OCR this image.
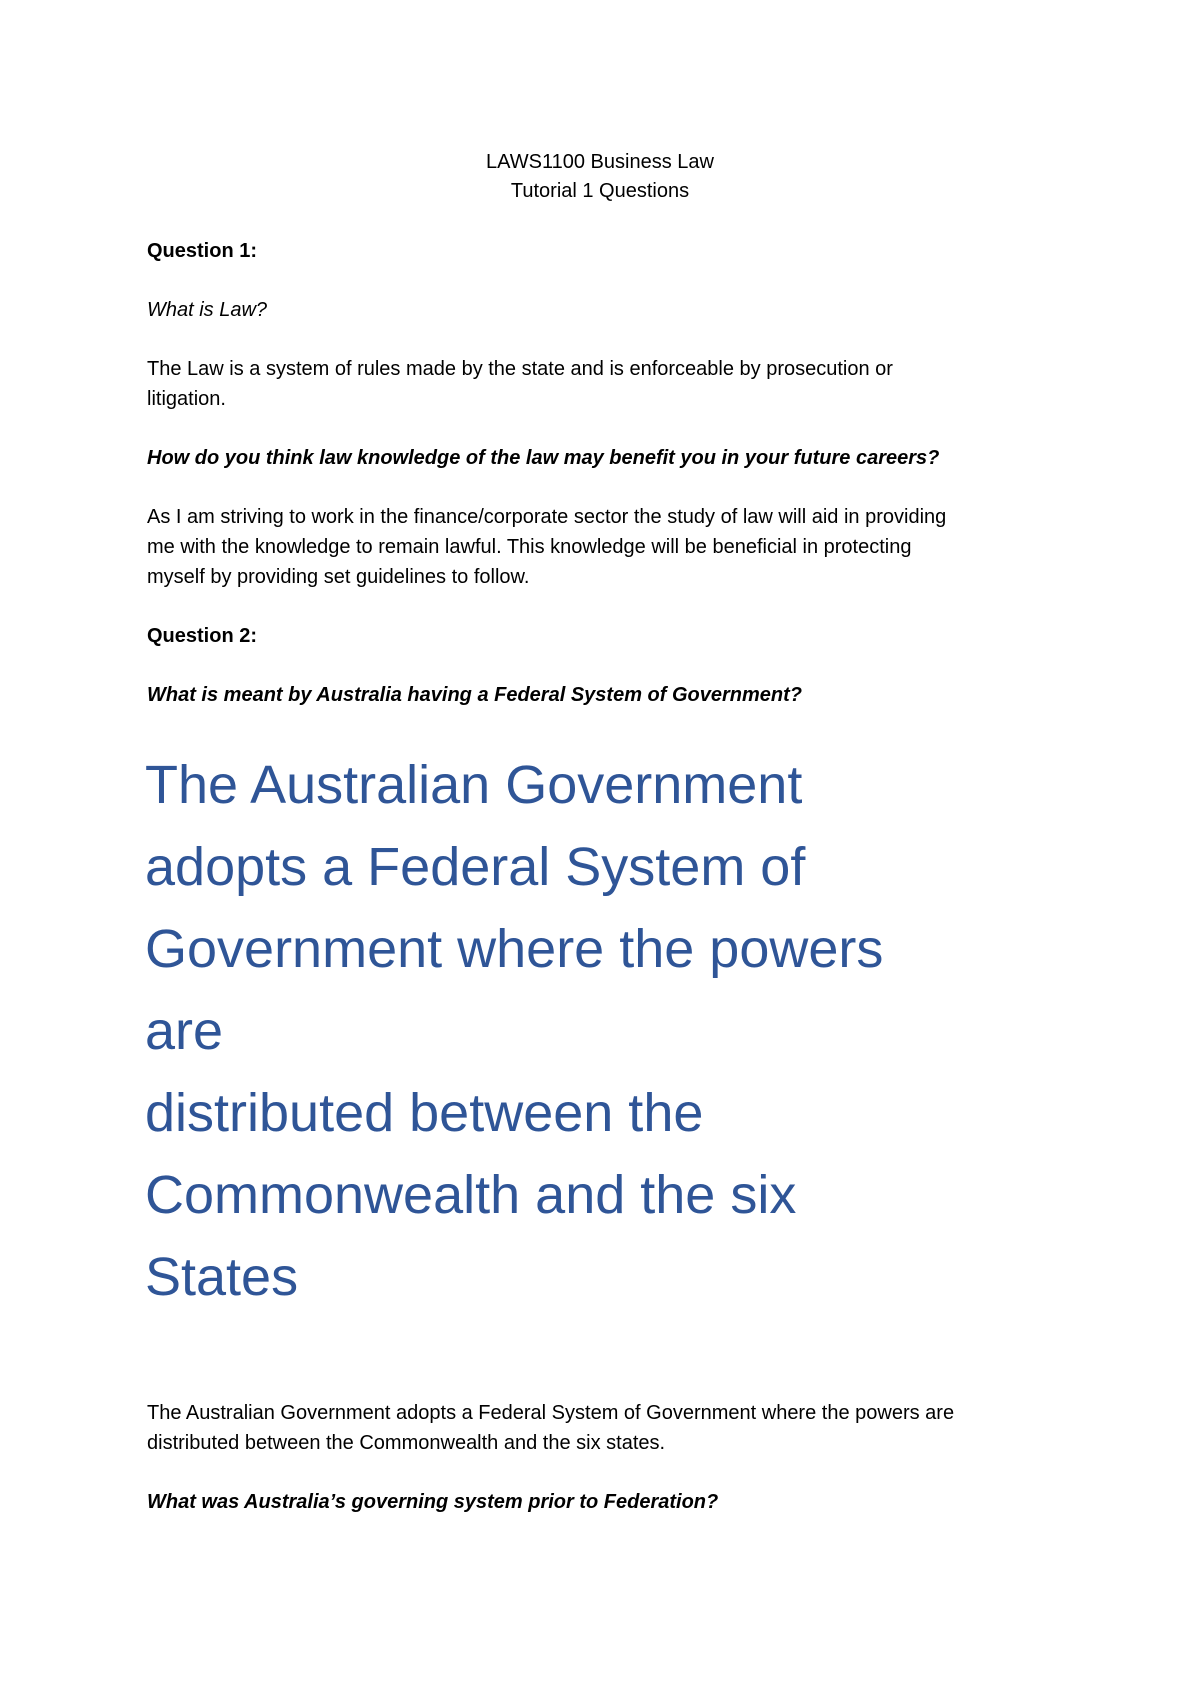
LAWS1100 Business Law
Tutorial 1 Questions
Question 1:
What is Law?
The Law is a system of rules made by the state and is enforceable by prosecution or
litigation.
How do you think law knowledge of the law may benefit you in your future careers?
As I am striving to work in the finance/corporate sector the study of law will aid in providing
me with the knowledge to remain lawful. This knowledge will be beneficial in protecting
myself by providing set guidelines to follow.
Question 2:
What is meant by Australia having a Federal System of Government?
The Australian Government
adopts a Federal System of
Government where the powers
are
distributed between the
Commonwealth and the six
States
The Australian Government adopts a Federal System of Government where the powers are
distributed between the Commonwealth and the six states.
What was Australia’s governing system prior to Federation?
